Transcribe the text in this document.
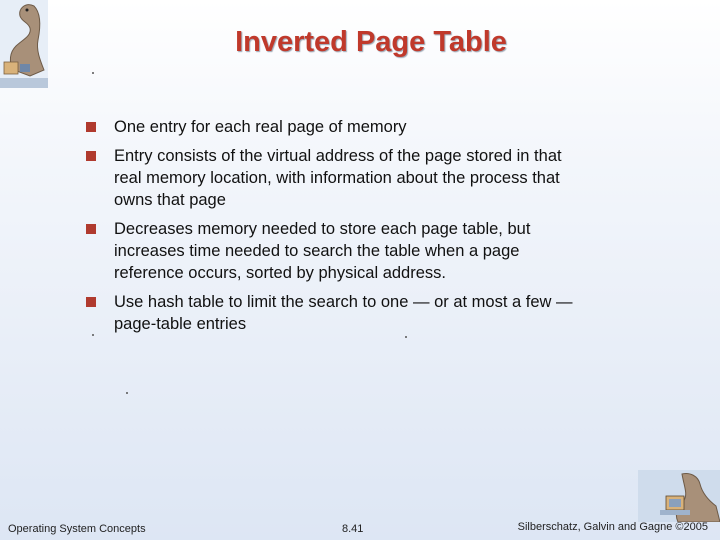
Inverted Page Table
One entry for each real page of memory
Entry consists of the virtual address of the page stored in that real memory location, with information about the process that owns that page
Decreases memory needed to store each page table, but increases time needed to search the table when a page reference occurs, sorted by physical address.
Use hash table to limit the search to one — or at most a few — page-table entries
Operating System Concepts	8.41	Silberschatz, Galvin and Gagne ©2005
